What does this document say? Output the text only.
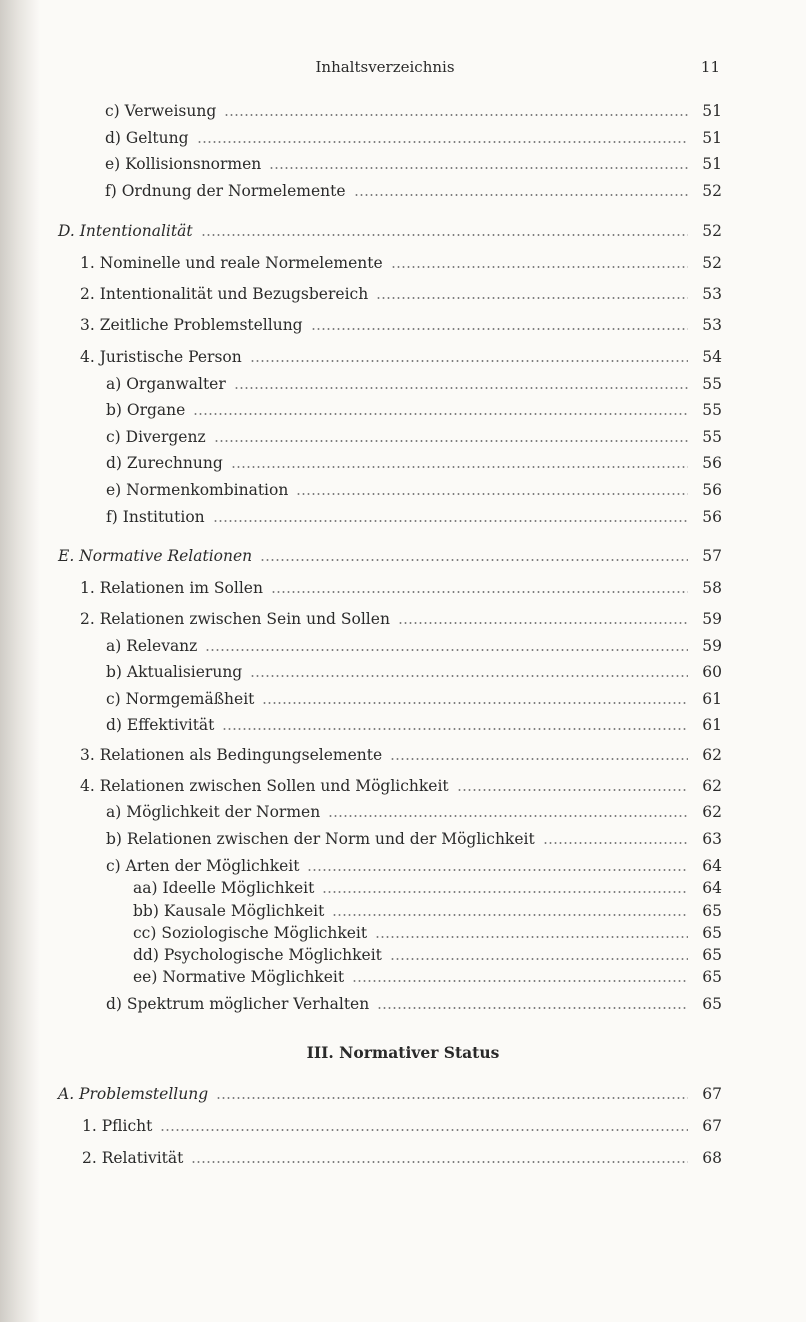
Inhaltsverzeichnis	11
III. Normativer Status
c) Verweisung	51
d) Geltung	51
e) Kollisionsnormen	51
f) Ordnung der Normelemente	52
D. Intentionalität	52
1. Nominelle und reale Normelemente	52
2. Intentionalität und Bezugsbereich	53
3. Zeitliche Problemstellung	53
4. Juristische Person	54
a) Organwalter	55
b) Organe	55
c) Divergenz	55
d) Zurechnung	56
e) Normenkombination	56
f) Institution	56
E. Normative Relationen	57
1. Relationen im Sollen	58
2. Relationen zwischen Sein und Sollen	59
a) Relevanz	59
b) Aktualisierung	60
c) Normgemäßheit	61
d) Effektivität	61
3. Relationen als Bedingungselemente	62
4. Relationen zwischen Sollen und Möglichkeit	62
a) Möglichkeit der Normen	62
b) Relationen zwischen der Norm und der Möglichkeit	63
c) Arten der Möglichkeit	64
aa) Ideelle Möglichkeit	64
bb) Kausale Möglichkeit	65
cc) Soziologische Möglichkeit	65
dd) Psychologische Möglichkeit	65
ee) Normative Möglichkeit	65
d) Spektrum möglicher Verhalten	65
A. Problemstellung	67
1. Pflicht	67
2. Relativität	68
